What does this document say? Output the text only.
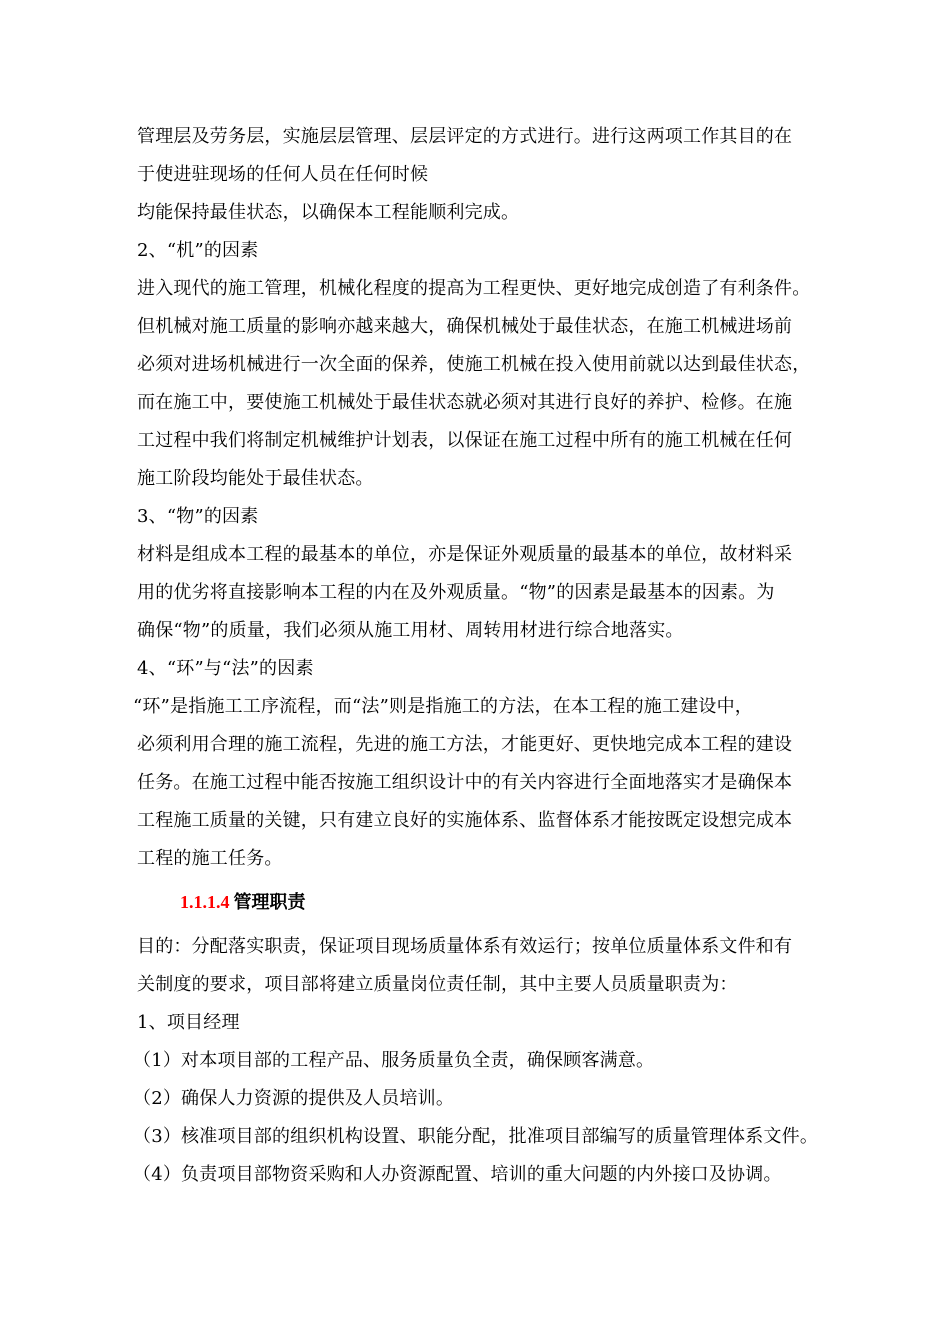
管理层及劳务层，实施层层管理、层层评定的方式进行。进行这两项工作其目的在
于使进驻现场的任何人员在任何时候
均能保持最佳状态，以确保本工程能顺利完成。
2、“机”的因素
进入现代的施工管理，机械化程度的提高为工程更快、更好地完成创造了有利条件。
但机械对施工质量的影响亦越来越大，确保机械处于最佳状态，在施工机械进场前
必须对进场机械进行一次全面的保养，使施工机械在投入使用前就以达到最佳状态，
而在施工中，要使施工机械处于最佳状态就必须对其进行良好的养护、检修。在施
工过程中我们将制定机械维护计划表，以保证在施工过程中所有的施工机械在任何
施工阶段均能处于最佳状态。
3、“物”的因素
材料是组成本工程的最基本的单位，亦是保证外观质量的最基本的单位，故材料采
用的优劣将直接影响本工程的内在及外观质量。“物”的因素是最基本的因素。为
确保“物”的质量，我们必须从施工用材、周转用材进行综合地落实。
4、“环”与“法”的因素
“环”是指施工工序流程，而“法”则是指施工的方法，在本工程的施工建设中，
必须利用合理的施工流程，先进的施工方法，才能更好、更快地完成本工程的建设
任务。在施工过程中能否按施工组织设计中的有关内容进行全面地落实才是确保本
工程施工质量的关键，只有建立良好的实施体系、监督体系才能按既定设想完成本
工程的施工任务。
1.1.1.4 管理职责
目的：分配落实职责，保证项目现场质量体系有效运行；按单位质量体系文件和有
关制度的要求，项目部将建立质量岗位责任制，其中主要人员质量职责为：
1、项目经理
（1）对本项目部的工程产品、服务质量负全责，确保顾客满意。
（2）确保人力资源的提供及人员培训。
（3）核准项目部的组织机构设置、职能分配，批准项目部编写的质量管理体系文件。
（4）负责项目部物资采购和人办资源配置、培训的重大问题的内外接口及协调。
